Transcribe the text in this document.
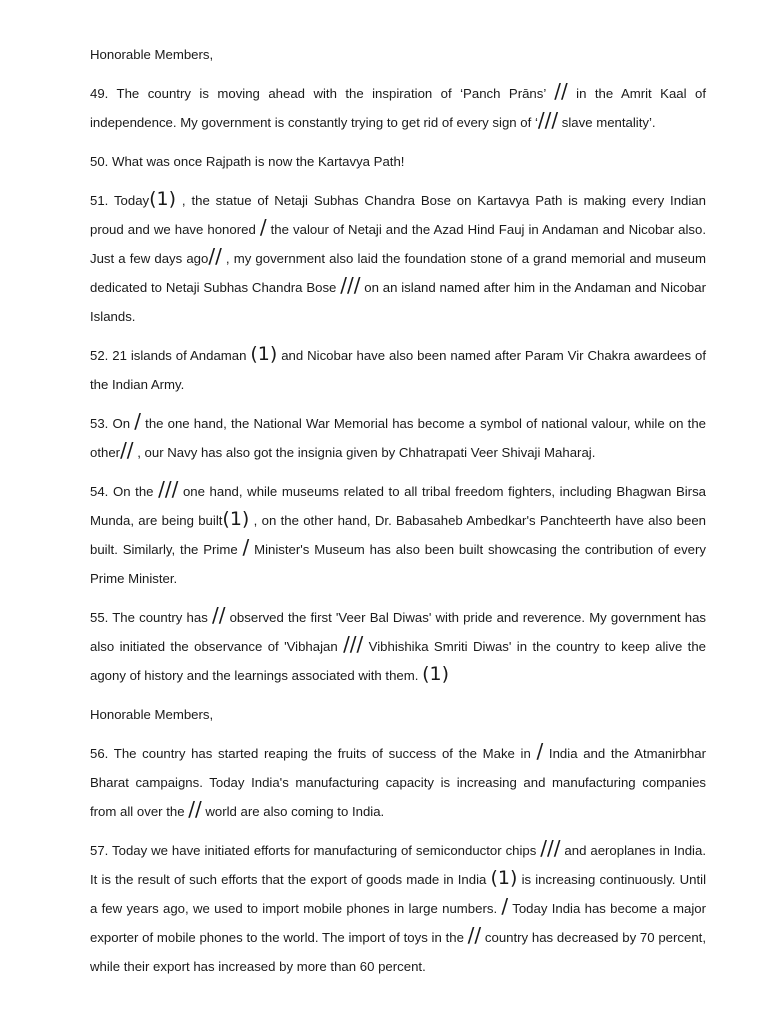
Honorable Members,

49. The country is moving ahead with the inspiration of ‘Panch Prāns’ // in the Amrit Kaal of independence. My government is constantly trying to get rid of every sign of ‘/// slave mentality’.

50. What was once Rajpath is now the Kartavya Path!

51. Today(1) , the statue of Netaji Subhas Chandra Bose on Kartavya Path is making every Indian proud and we have honored / the valour of Netaji and the Azad Hind Fauj in Andaman and Nicobar also. Just a few days ago// , my government also laid the foundation stone of a grand memorial and museum dedicated to Netaji Subhas Chandra Bose /// on an island named after him in the Andaman and Nicobar Islands.

52. 21 islands of Andaman (1) and Nicobar have also been named after Param Vir Chakra awardees of the Indian Army.

53. On / the one hand, the National War Memorial has become a symbol of national valour, while on the other// , our Navy has also got the insignia given by Chhatrapati Veer Shivaji Maharaj.

54. On the /// one hand, while museums related to all tribal freedom fighters, including Bhagwan Birsa Munda, are being built(1) , on the other hand, Dr. Babasaheb Ambedkar's Panchteerth have also been built. Similarly, the Prime / Minister's Museum has also been built showcasing the contribution of every Prime Minister.

55. The country has // observed the first 'Veer Bal Diwas' with pride and reverence. My government has also initiated the observance of 'Vibhajan /// Vibhishika Smriti Diwas' in the country to keep alive the agony of history and the learnings associated with them. (1)

Honorable Members,

56. The country has started reaping the fruits of success of the Make in / India and the Atmanirbhar Bharat campaigns. Today India's manufacturing capacity is increasing and manufacturing companies from all over the // world are also coming to India.

57. Today we have initiated efforts for manufacturing of semiconductor chips /// and aeroplanes in India. It is the result of such efforts that the export of goods made in India (1) is increasing continuously. Until a few years ago, we used to import mobile phones in large numbers. / Today India has become a major exporter of mobile phones to the world. The import of toys in the // country has decreased by 70 percent, while their export has increased by more than 60 percent.
